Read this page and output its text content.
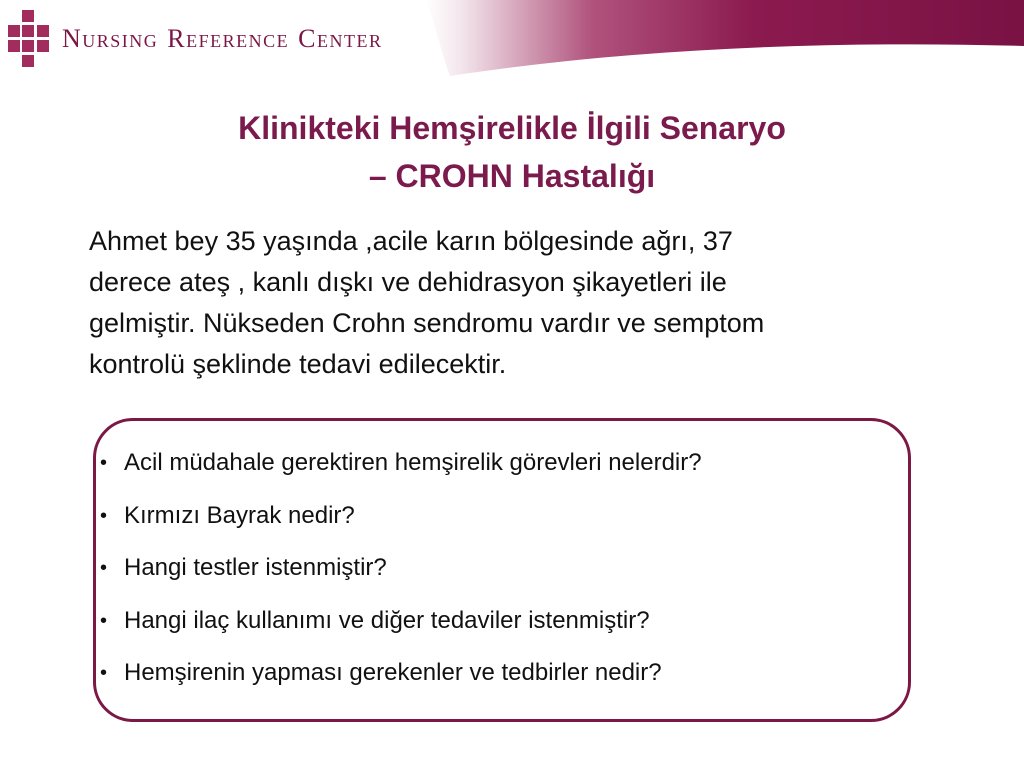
NURSING REFERENCE CENTER
Klinikteki Hemşirelikle İlgili Senaryo
– CROHN Hastalığı
Ahmet bey 35 yaşında ,acile karın bölgesinde ağrı, 37
derece ateş , kanlı dışkı ve dehidrasyon şikayetleri ile
gelmiştir. Nükseden Crohn sendromu vardır ve semptom
kontrolü şeklinde tedavi edilecektir.
• Acil müdahale gerektiren hemşirelik görevleri nelerdir?
• Kırmızı Bayrak nedir?
• Hangi testler istenmiştir?
• Hangi ilaç kullanımı ve diğer tedaviler istenmiştir?
• Hemşirenin yapması gerekenler ve tedbirler nedir?
